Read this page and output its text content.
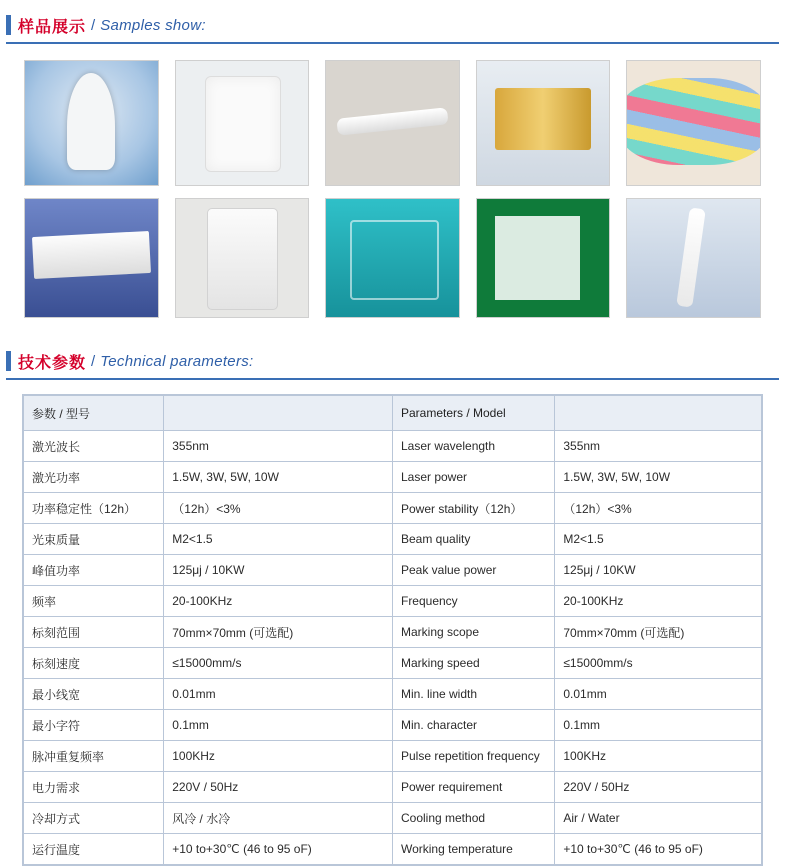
样品展示 / Samples show:
技术参数 / Technical parameters:
参数 / 型号		Parameters / Model	
激光波长	355nm	Laser wavelength	355nm
激光功率	1.5W, 3W, 5W, 10W	Laser power	1.5W, 3W, 5W, 10W
功率稳定性（12h）	（12h）<3%	Power stability（12h）	（12h）<3%
光束质量	M2<1.5	Beam quality	M2<1.5
峰值功率	125μj / 10KW	Peak value power	125μj / 10KW
频率	20-100KHz	Frequency	20-100KHz
标刻范围	70mm×70mm (可选配)	Marking scope	70mm×70mm (可选配)
标刻速度	≤15000mm/s	Marking speed	≤15000mm/s
最小线宽	0.01mm	Min. line width	0.01mm
最小字符	0.1mm	Min. character	0.1mm
脉冲重复频率	100KHz	Pulse repetition frequency	100KHz
电力需求	220V / 50Hz	Power requirement	220V / 50Hz
冷却方式	风冷 / 水冷	Cooling method	Air / Water
运行温度	+10 to+30℃ (46 to 95 oF)	Working temperature	+10 to+30℃ (46 to 95 oF)
